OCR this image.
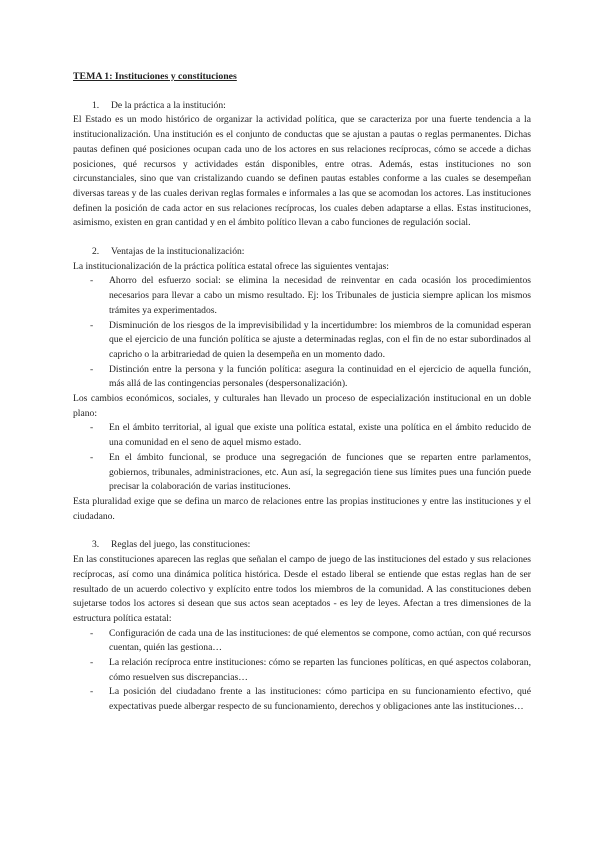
TEMA 1: Instituciones y constituciones
1. De la práctica a la institución:

El Estado es un modo histórico de organizar la actividad política, que se caracteriza por una fuerte tendencia a la institucionalización. Una institución es el conjunto de conductas que se ajustan a pautas o reglas permanentes. Dichas pautas definen qué posiciones ocupan cada uno de los actores en sus relaciones recíprocas, cómo se accede a dichas posiciones, qué recursos y actividades están disponibles, entre otras. Además, estas instituciones no son circunstanciales, sino que van cristalizando cuando se definen pautas estables conforme a las cuales se desempeñan diversas tareas y de las cuales derivan reglas formales e informales a las que se acomodan los actores. Las instituciones definen la posición de cada actor en sus relaciones recíprocas, los cuales deben adaptarse a ellas. Estas instituciones, asimismo, existen en gran cantidad y en el ámbito político llevan a cabo funciones de regulación social.

2. Ventajas de la institucionalización:

La institucionalización de la práctica política estatal ofrece las siguientes ventajas:

- Ahorro del esfuerzo social: se elimina la necesidad de reinventar en cada ocasión los procedimientos necesarios para llevar a cabo un mismo resultado. Ej: los Tribunales de justicia siempre aplican los mismos trámites ya experimentados.
- Disminución de los riesgos de la imprevisibilidad y la incertidumbre: los miembros de la comunidad esperan que el ejercicio de una función política se ajuste a determinadas reglas, con el fin de no estar subordinados al capricho o la arbitrariedad de quien la desempeña en un momento dado.
- Distinción entre la persona y la función política: asegura la continuidad en el ejercicio de aquella función, más allá de las contingencias personales (despersonalización).

Los cambios económicos, sociales, y culturales han llevado un proceso de especialización institucional en un doble plano:

- En el ámbito territorial, al igual que existe una política estatal, existe una política en el ámbito reducido de una comunidad en el seno de aquel mismo estado.
- En el ámbito funcional, se produce una segregación de funciones que se reparten entre parlamentos, gobiernos, tribunales, administraciones, etc. Aun así, la segregación tiene sus límites pues una función puede precisar la colaboración de varias instituciones.

Esta pluralidad exige que se defina un marco de relaciones entre las propias instituciones y entre las instituciones y el ciudadano.

3. Reglas del juego, las constituciones:

En las constituciones aparecen las reglas que señalan el campo de juego de las instituciones del estado y sus relaciones recíprocas, así como una dinámica política histórica. Desde el estado liberal se entiende que estas reglas han de ser resultado de un acuerdo colectivo y explícito entre todos los miembros de la comunidad. A las constituciones deben sujetarse todos los actores si desean que sus actos sean aceptados - es ley de leyes. Afectan a tres dimensiones de la estructura política estatal:

- Configuración de cada una de las instituciones: de qué elementos se compone, como actúan, con qué recursos cuentan, quién las gestiona…
- La relación recíproca entre instituciones: cómo se reparten las funciones políticas, en qué aspectos colaboran, cómo resuelven sus discrepancias…
- La posición del ciudadano frente a las instituciones: cómo participa en su funcionamiento efectivo, qué expectativas puede albergar respecto de su funcionamiento, derechos y obligaciones ante las instituciones…
